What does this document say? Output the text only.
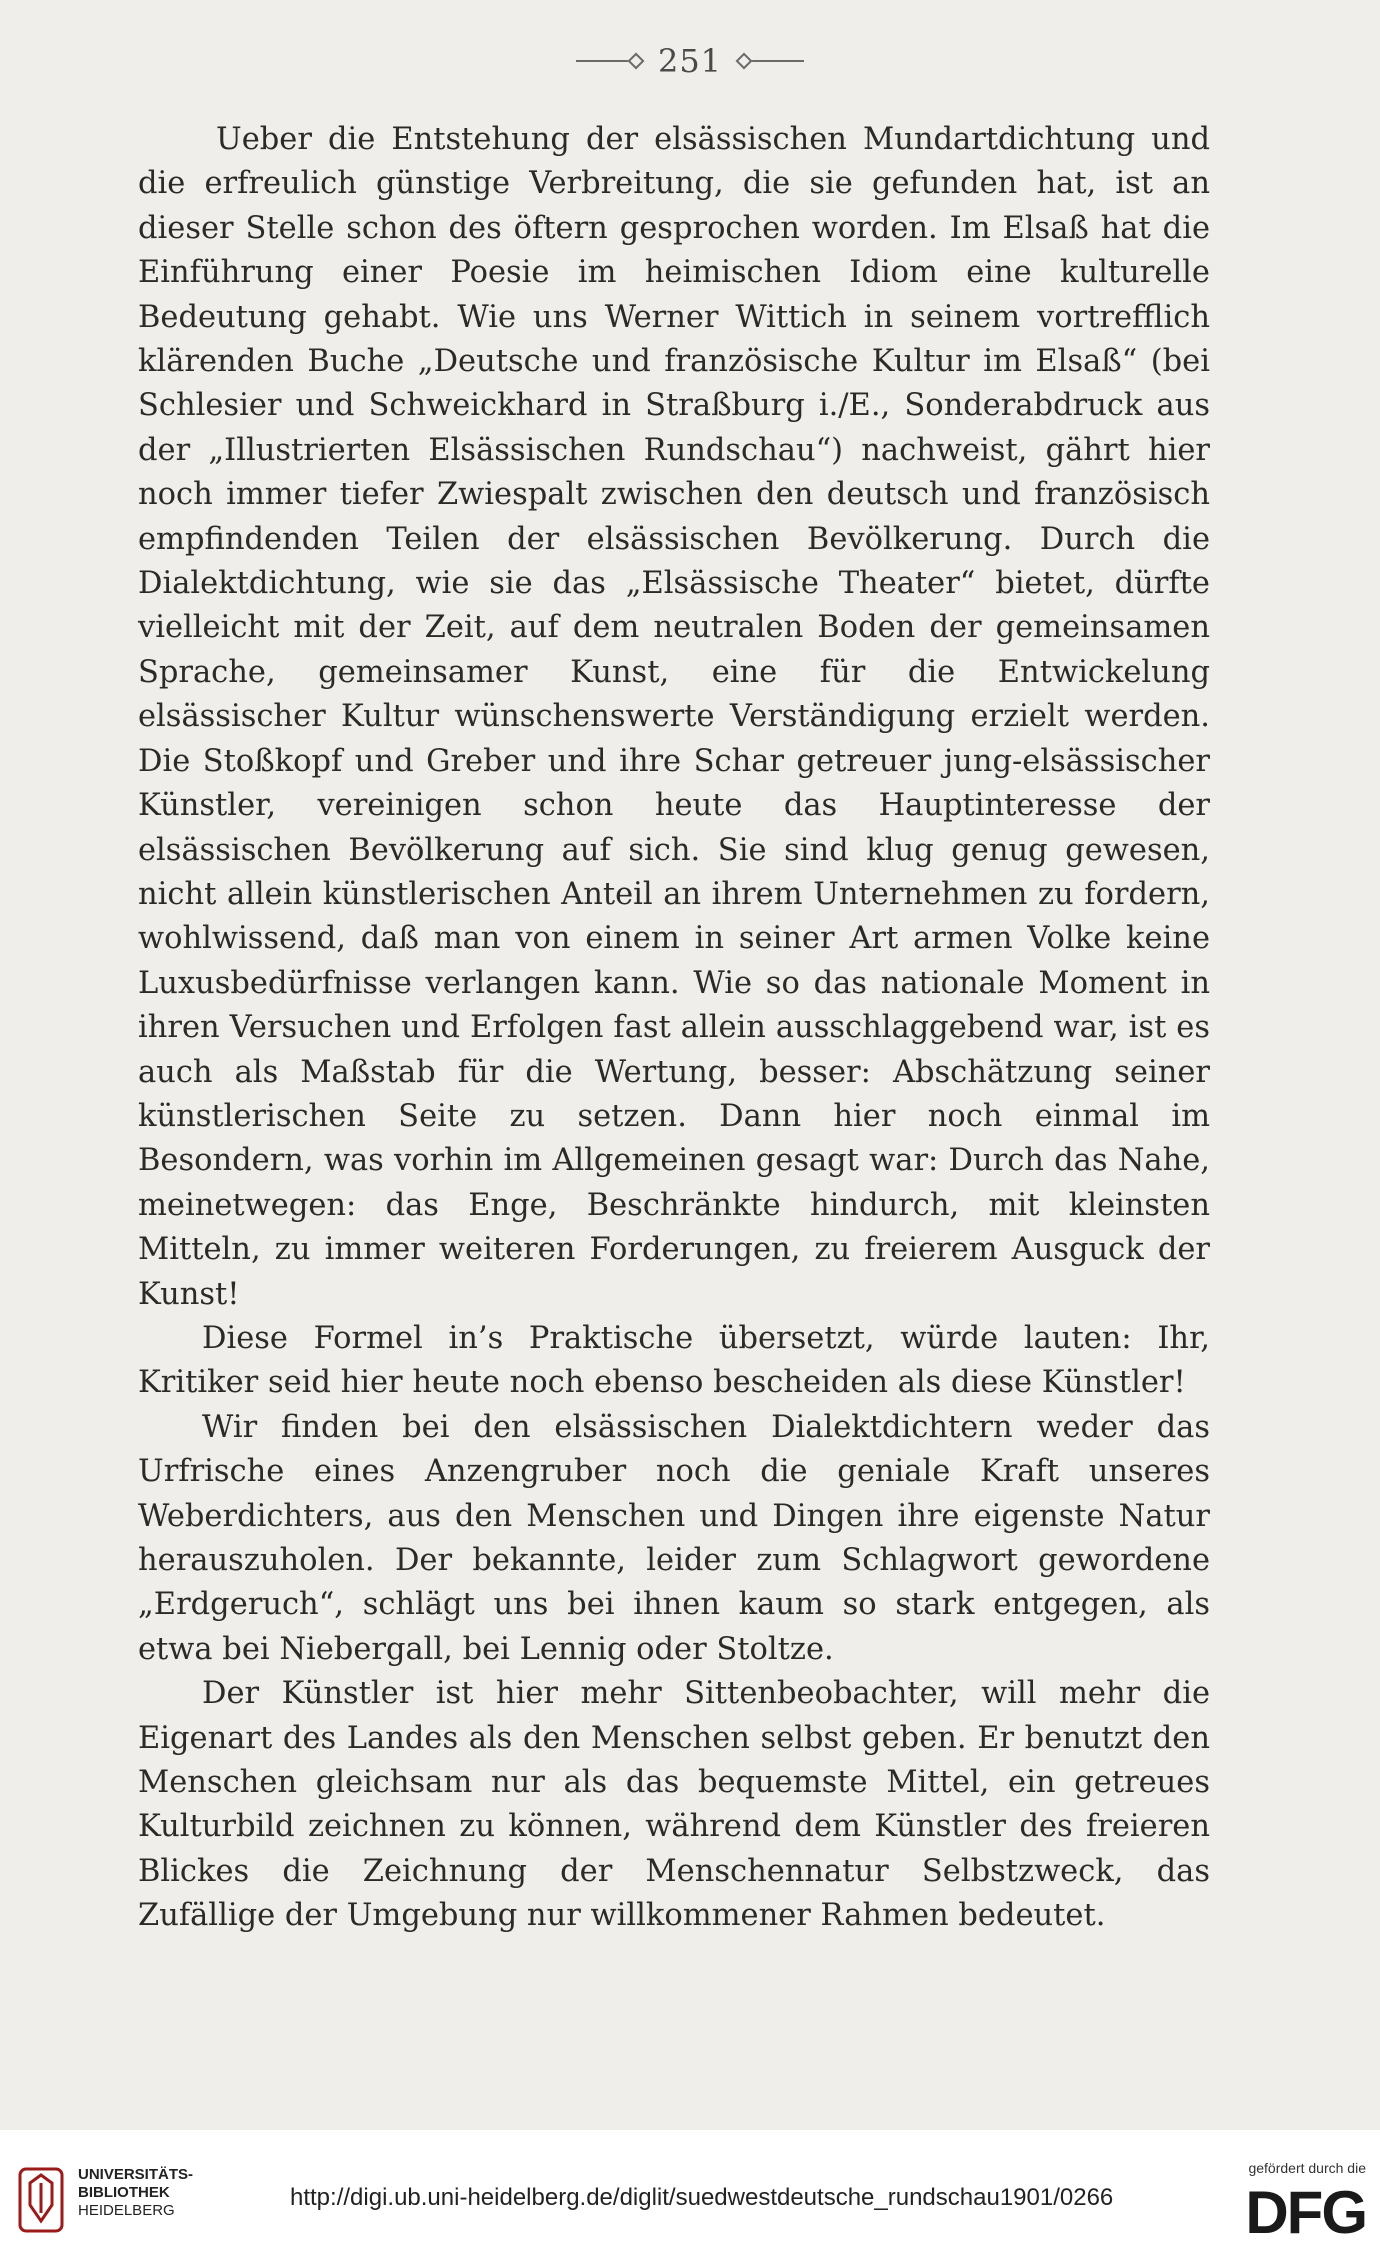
251

Ueber die Entstehung der elsässischen Mundartdichtung und die erfreulich günstige Verbreitung, die sie gefunden hat, ist an dieser Stelle schon des öftern gesprochen worden. Im Elsaß hat die Einführung einer Poesie im heimischen Idiom eine kulturelle Bedeutung gehabt. Wie uns Werner Wittich in seinem vortrefflich klärenden Buche „Deutsche und französische Kultur im Elsaß“ (bei Schlesier und Schweickhard in Straßburg i./E., Sonderabdruck aus der „Illustrierten Elsässischen Rundschau“) nachweist, gährt hier noch immer tiefer Zwiespalt zwischen den deutsch und französisch empfindenden Teilen der elsässischen Bevölkerung. Durch die Dialektdichtung, wie sie das „Elsässische Theater“ bietet, dürfte vielleicht mit der Zeit, auf dem neutralen Boden der gemeinsamen Sprache, gemeinsamer Kunst, eine für die Entwickelung elsässischer Kultur wünschenswerte Verständigung erzielt werden. Die Stoßkopf und Greber und ihre Schar getreuer jung-elsässischer Künstler, vereinigen schon heute das Hauptinteresse der elsässischen Bevölkerung auf sich. Sie sind klug genug gewesen, nicht allein künstlerischen Anteil an ihrem Unternehmen zu fordern, wohlwissend, daß man von einem in seiner Art armen Volke keine Luxusbedürfnisse verlangen kann. Wie so das nationale Moment in ihren Versuchen und Erfolgen fast allein ausschlaggebend war, ist es auch als Maßstab für die Wertung, besser: Abschätzung seiner künstlerischen Seite zu setzen. Dann hier noch einmal im Besondern, was vorhin im Allgemeinen gesagt war: Durch das Nahe, meinetwegen: das Enge, Beschränkte hindurch, mit kleinsten Mitteln, zu immer weiteren Forderungen, zu freierem Ausguck der Kunst!

Diese Formel in’s Praktische übersetzt, würde lauten: Ihr, Kritiker seid hier heute noch ebenso bescheiden als diese Künstler!

Wir finden bei den elsässischen Dialektdichtern weder das Urfrische eines Anzengruber noch die geniale Kraft unseres Weberdichters, aus den Menschen und Dingen ihre eigenste Natur herauszuholen. Der bekannte, leider zum Schlagwort gewordene „Erdgeruch“, schlägt uns bei ihnen kaum so stark entgegen, als etwa bei Niebergall, bei Lennig oder Stoltze.

Der Künstler ist hier mehr Sittenbeobachter, will mehr die Eigenart des Landes als den Menschen selbst geben. Er benutzt den Menschen gleichsam nur als das bequemste Mittel, ein getreues Kulturbild zeichnen zu können, während dem Künstler des freieren Blickes die Zeichnung der Menschennatur Selbstzweck, das Zufällige der Umgebung nur willkommener Rahmen bedeutet.

UNIVERSITÄTS-
BIBLIOTHEK
HEIDELBERG	http://digi.ub.uni-heidelberg.de/diglit/suedwestdeutsche_rundschau1901/0266
gefördert durch die
DFG
